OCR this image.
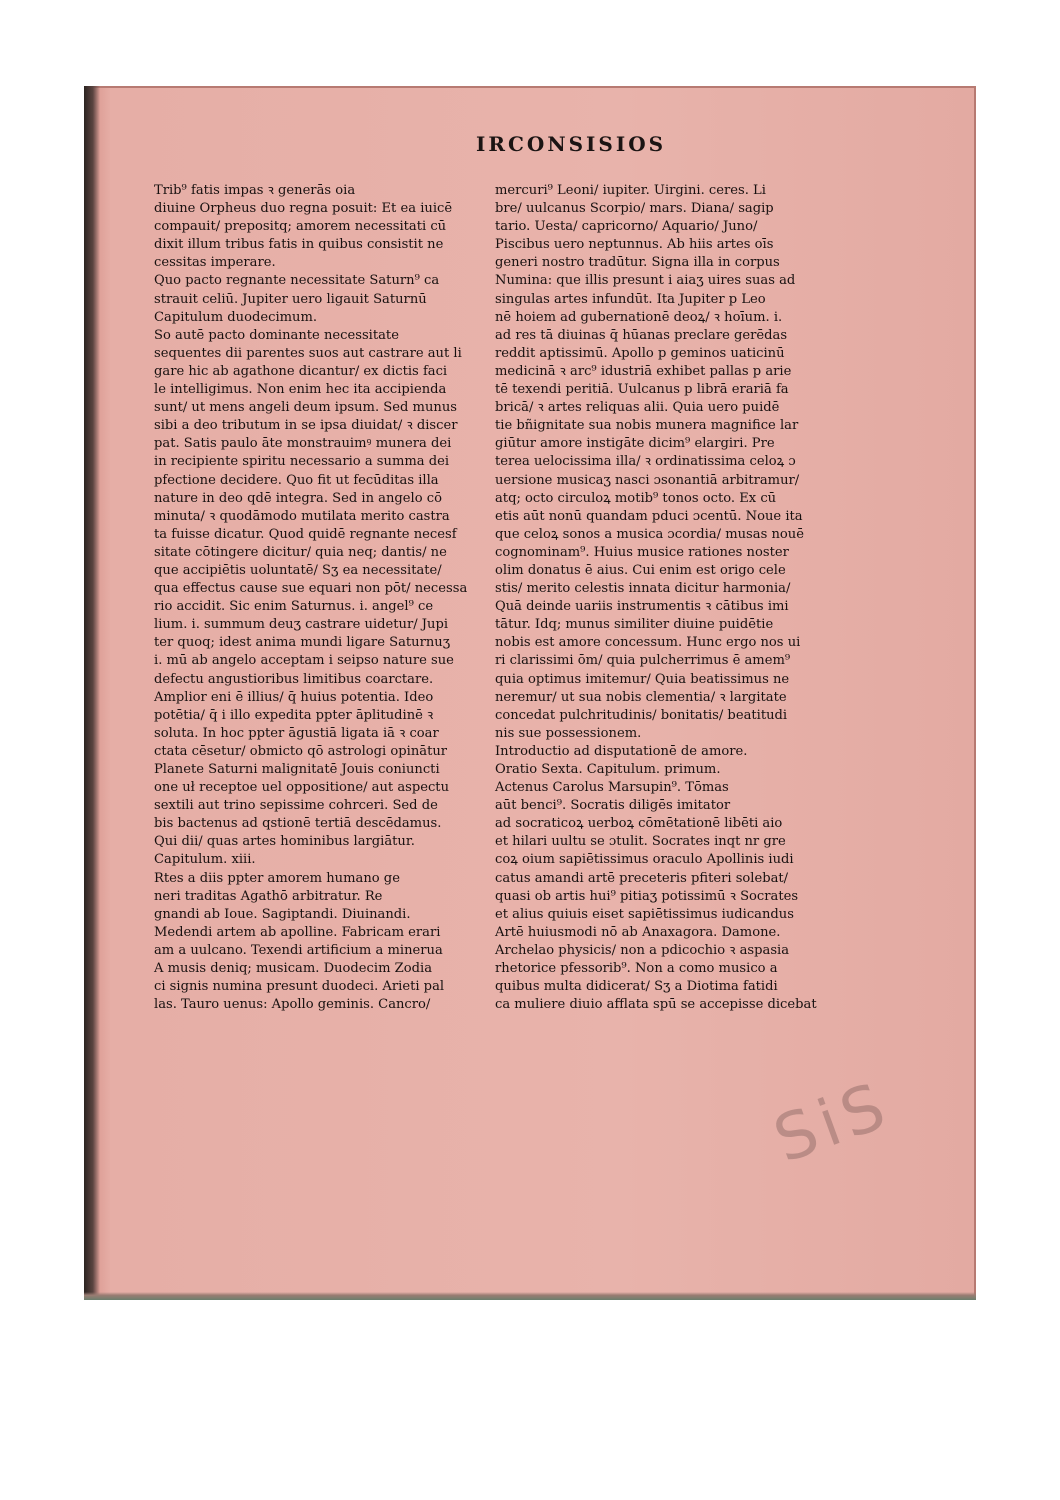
IRCONSISIOS
Trib⁹ fatis impas ꝛ generās oia
diuine Orpheus duo regna posuit: Et ea iuicē
compauit/ prepositq; amorem necessitati cū
dixit illum tribus fatis in quibus consistit ne
cessitas imperare.
Quo pacto regnante necessitate Saturn⁹ ca
strauit celiū. Jupiter uero ligauit Saturnū
Capitulum duodecimum.
So autē pacto dominante necessitate
sequentes dii parentes suos aut castrare aut li
gare hic ab agathone dicantur/ ex dictis faci
le intelligimus. Non enim hec ita accipienda
sunt/ ut mens angeli deum ipsum. Sed munus
sibi a deo tributum in se ipsa diuidat/ ꝛ discer
pat. Satis paulo āte monstrauimꝰ munera dei
in recipiente spiritu necessario a summa dei
pfectione decidere. Quo fit ut fecūditas illa
nature in deo qdē integra. Sed in angelo cō
minuta/ ꝛ quodāmodo mutilata merito castra
ta fuisse dicatur. Quod quidē regnante necesf
sitate cōtingere dicitur/ quia neq; dantis/ ne
que accipiētis uoluntatē/ Sʒ ea necessitate/
qua effectus cause sue equari non pōt/ necessa
rio accidit. Sic enim Saturnus. i. angel⁹ ce
lium. i. summum deuʒ castrare uidetur/ Jupi
ter quoq; idest anima mundi ligare Saturnuʒ
i. mū ab angelo acceptam i seipso nature sue
defectu angustioribus limitibus coarctare.
Amplior eni ē illius/ q̄ huius potentia. Ideo
potētia/ q̄ i illo expedita ppter āplitudinē ꝛ
soluta. In hoc ppter āgustiā ligata iā ꝛ coar
ctata cēsetur/ obmicto qō astrologi opinātur
Planete Saturni malignitatē Jouis coniuncti
one uł receptoe uel oppositione/ aut aspectu
sextili aut trino sepissime cohrceri. Sed de
bis bactenus ad qstionē tertiā descēdamus.
Qui dii/ quas artes hominibus largiātur.
Capitulum. xiii.
Rtes a diis ppter amorem humano ge
neri traditas Agathō arbitratur. Re
gnandi ab Ioue. Sagiptandi. Diuinandi.
Medendi artem ab apolline. Fabricam erari
am a uulcano. Texendi artificium a minerua
A musis deniq; musicam. Duodecim Zodia
ci signis numina presunt duodeci. Arieti pal
las. Tauro uenus: Apollo geminis. Cancro/
mercuri⁹ Leoni/ iupiter. Uirgini. ceres. Li
bre/ uulcanus Scorpio/ mars. Diana/ sagip
tario. Uesta/ capricorno/ Aquario/ Juno/
Piscibus uero neptunnus. Ab hiis artes oīs
generi nostro tradūtur. Signa illa in corpus
Numina: que illis presunt i aiaʒ uires suas ad
singulas artes infundūt. Ita Jupiter p Leo
nē hoiem ad gubernationē deoꝝ/ ꝛ hoīum. i.
ad res tā diuinas q̄ hūanas preclare gerēdas
reddit aptissimū. Apollo p geminos uaticinū
medicinā ꝛ arc⁹ idustriā exhibet pallas p arie
tē texendi peritiā. Uulcanus p librā erariā fa
bricā/ ꝛ artes reliquas alii. Quia uero puidē
tie bñignitate sua nobis munera magnifice lar
giūtur amore instigāte dicim⁹ elargiri. Pre
terea uelocissima illa/ ꝛ ordinatissima celoꝝ ɔ
uersione musicaʒ nasci ɔsonantiā arbitramur/
atq; octo circuloꝝ motib⁹ tonos octo. Ex cū
etis aūt nonū quandam pduci ɔcentū. Noue ita
que celoꝝ sonos a musica ɔcordia/ musas nouē
cognominam⁹. Huius musice rationes noster
olim donatus ē aius. Cui enim est origo cele
stis/ merito celestis innata dicitur harmonia/
Quā deinde uariis instrumentis ꝛ cātibus imi
tātur. Idq; munus similiter diuine puidētie
nobis est amore concessum. Hunc ergo nos ui
ri clarissimi ōm/ quia pulcherrimus ē amem⁹
quia optimus imitemur/ Quia beatissimus ne
neremur/ ut sua nobis clementia/ ꝛ largitate
concedat pulchritudinis/ bonitatis/ beatitudi
nis sue possessionem.
Introductio ad disputationē de amore.
Oratio Sexta. Capitulum. primum.
Actenus Carolus Marsupin⁹. Tōmas
aūt benci⁹. Socratis diligēs imitator
ad socraticoꝝ uerboꝝ cōmētationē libēti aio
et hilari uultu se ɔtulit. Socrates inqt nr gre
coꝝ oium sapiētissimus oraculo Apollinis iudi
catus amandi artē preceteris pfiteri solebat/
quasi ob artis hui⁹ pitiaʒ potissimū ꝛ Socrates
et alius quiuis eiset sapiētissimus iudicandus
Artē huiusmodi nō ab Anaxagora. Damone.
Archelao physicis/ non a pdicochio ꝛ aspasia
rhetorice pfessorib⁹. Non a como musico a
quibus multa didicerat/ Sʒ a Diotima fatidi
ca muliere diuio afflata spū se accepisse dicebat
SiS
